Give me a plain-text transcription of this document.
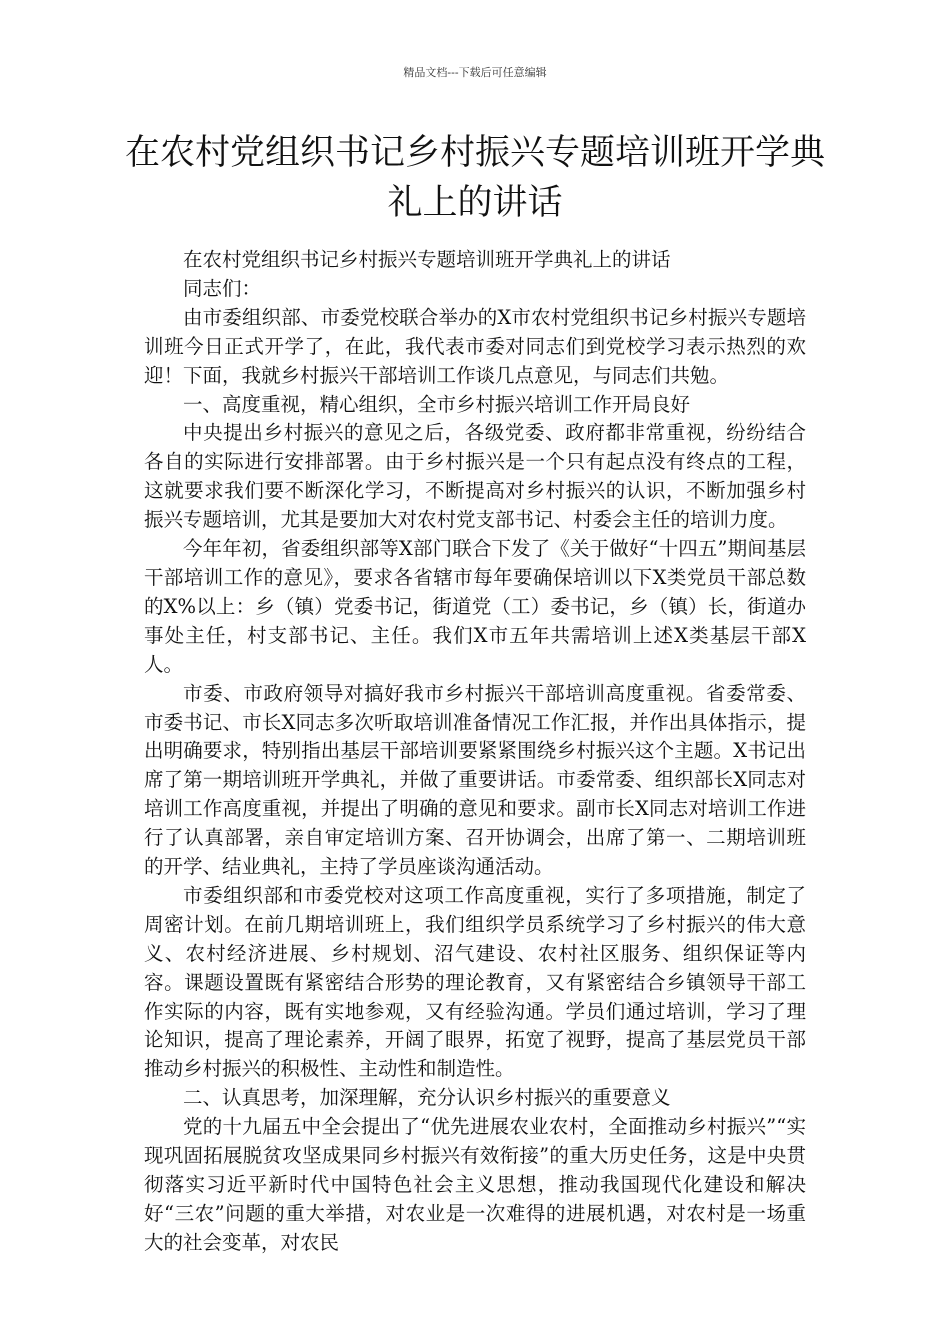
精品文档---下载后可任意编辑
在农村党组织书记乡村振兴专题培训班开学典礼上的讲话

在农村党组织书记乡村振兴专题培训班开学典礼上的讲话

同志们：

由市委组织部、市委党校联合举办的X市农村党组织书记乡村振兴专题培训班今日正式开学了，在此，我代表市委对同志们到党校学习表示热烈的欢迎！下面，我就乡村振兴干部培训工作谈几点意见，与同志们共勉。

一、高度重视，精心组织，全市乡村振兴培训工作开局良好

中央提出乡村振兴的意见之后，各级党委、政府都非常重视，纷纷结合各自的实际进行安排部署。由于乡村振兴是一个只有起点没有终点的工程，这就要求我们要不断深化学习，不断提高对乡村振兴的认识，不断加强乡村振兴专题培训，尤其是要加大对农村党支部书记、村委会主任的培训力度。

今年年初，省委组织部等X部门联合下发了《关于做好“十四五”期间基层干部培训工作的意见》，要求各省辖市每年要确保培训以下X类党员干部总数的X%以上：乡（镇）党委书记，街道党（工）委书记，乡（镇）长，街道办事处主任，村支部书记、主任。我们X市五年共需培训上述X类基层干部X人。

市委、市政府领导对搞好我市乡村振兴干部培训高度重视。省委常委、市委书记、市长X同志多次听取培训准备情况工作汇报，并作出具体指示，提出明确要求，特别指出基层干部培训要紧紧围绕乡村振兴这个主题。X书记出席了第一期培训班开学典礼，并做了重要讲话。市委常委、组织部长X同志对培训工作高度重视，并提出了明确的意见和要求。副市长X同志对培训工作进行了认真部署，亲自审定培训方案、召开协调会，出席了第一、二期培训班的开学、结业典礼，主持了学员座谈沟通活动。

市委组织部和市委党校对这项工作高度重视，实行了多项措施，制定了周密计划。在前几期培训班上，我们组织学员系统学习了乡村振兴的伟大意义、农村经济进展、乡村规划、沼气建设、农村社区服务、组织保证等内容。课题设置既有紧密结合形势的理论教育，又有紧密结合乡镇领导干部工作实际的内容，既有实地参观，又有经验沟通。学员们通过培训，学习了理论知识，提高了理论素养，开阔了眼界，拓宽了视野，提高了基层党员干部推动乡村振兴的积极性、主动性和制造性。

二、认真思考，加深理解，充分认识乡村振兴的重要意义

党的十九届五中全会提出了“优先进展农业农村，全面推动乡村振兴”“实现巩固拓展脱贫攻坚成果同乡村振兴有效衔接”的重大历史任务，这是中央贯彻落实习近平新时代中国特色社会主义思想，推动我国现代化建设和解决好“三农”问题的重大举措，对农业是一次难得的进展机遇，对农村是一场重大的社会变革，对农民
